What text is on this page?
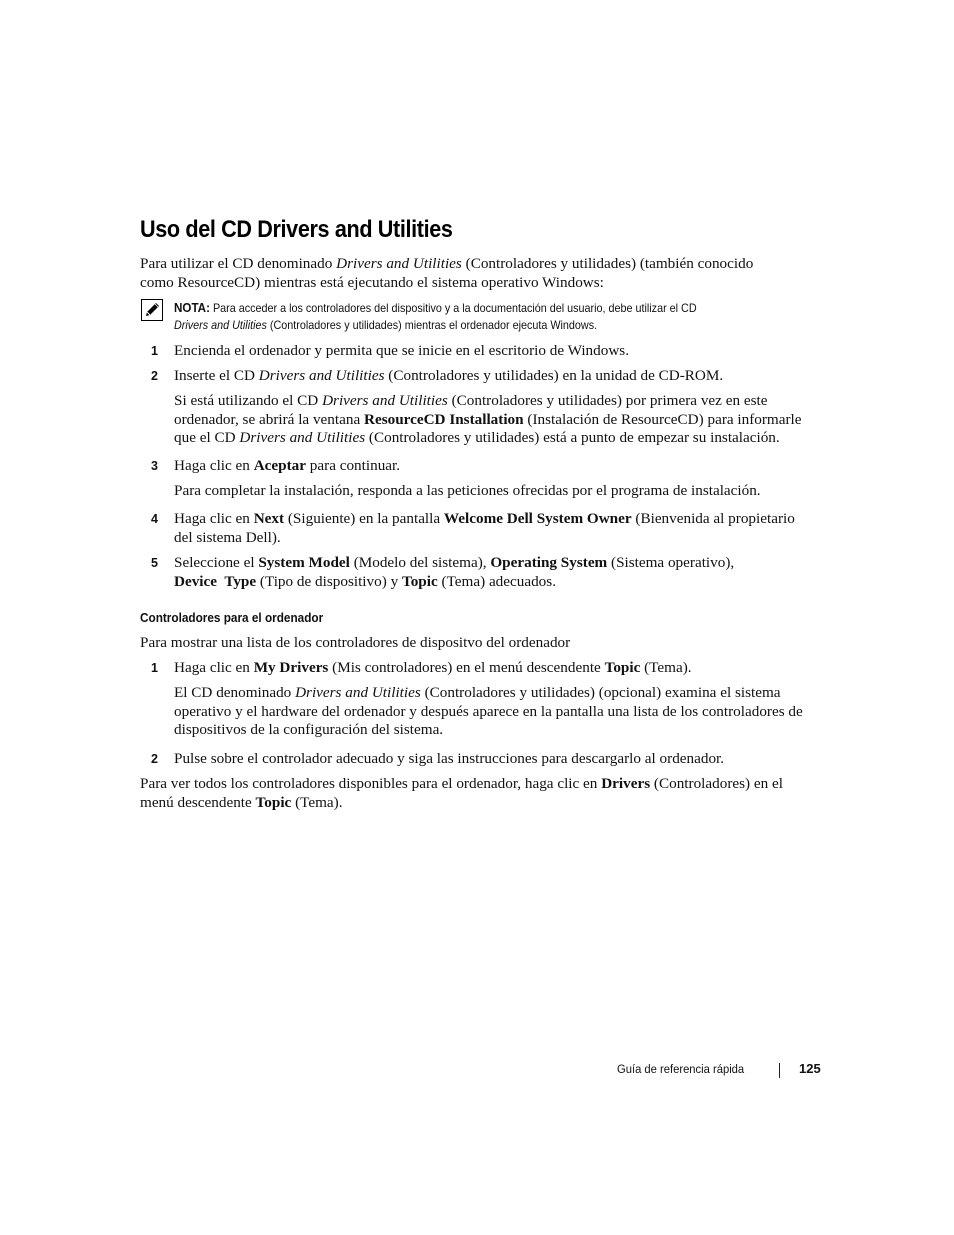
Uso del CD Drivers and Utilities

Para utilizar el CD denominado Drivers and Utilities (Controladores y utilidades) (también conocido
como ResourceCD) mientras está ejecutando el sistema operativo Windows:

NOTA: Para acceder a los controladores del dispositivo y a la documentación del usuario, debe utilizar el CD
Drivers and Utilities (Controladores y utilidades) mientras el ordenador ejecuta Windows.
1 Encienda el ordenador y permita que se inicie en el escritorio de Windows.

2 Inserte el CD Drivers and Utilities (Controladores y utilidades) en la unidad de CD-ROM.

Si está utilizando el CD Drivers and Utilities (Controladores y utilidades) por primera vez en este
ordenador, se abrirá la ventana ResourceCD Installation (Instalación de ResourceCD) para informarle
que el CD Drivers and Utilities (Controladores y utilidades) está a punto de empezar su instalación.

3 Haga clic en Aceptar para continuar.

Para completar la instalación, responda a las peticiones ofrecidas por el programa de instalación.

4 Haga clic en Next (Siguiente) en la pantalla Welcome Dell System Owner (Bienvenida al propietario
del sistema Dell).

5 Seleccione el System Model (Modelo del sistema), Operating System (Sistema operativo),
Device  Type (Tipo de dispositivo) y Topic (Tema) adecuados.

Controladores para el ordenador

Para mostrar una lista de los controladores de dispositvo del ordenador

1 Haga clic en My Drivers (Mis controladores) en el menú descendente Topic (Tema).

El CD denominado Drivers and Utilities (Controladores y utilidades) (opcional) examina el sistema
operativo y el hardware del ordenador y después aparece en la pantalla una lista de los controladores de
dispositivos de la configuración del sistema.

2 Pulse sobre el controlador adecuado y siga las instrucciones para descargarlo al ordenador.

Para ver todos los controladores disponibles para el ordenador, haga clic en Drivers (Controladores) en el
menú descendente Topic (Tema).

Guía de referencia rápida	125
